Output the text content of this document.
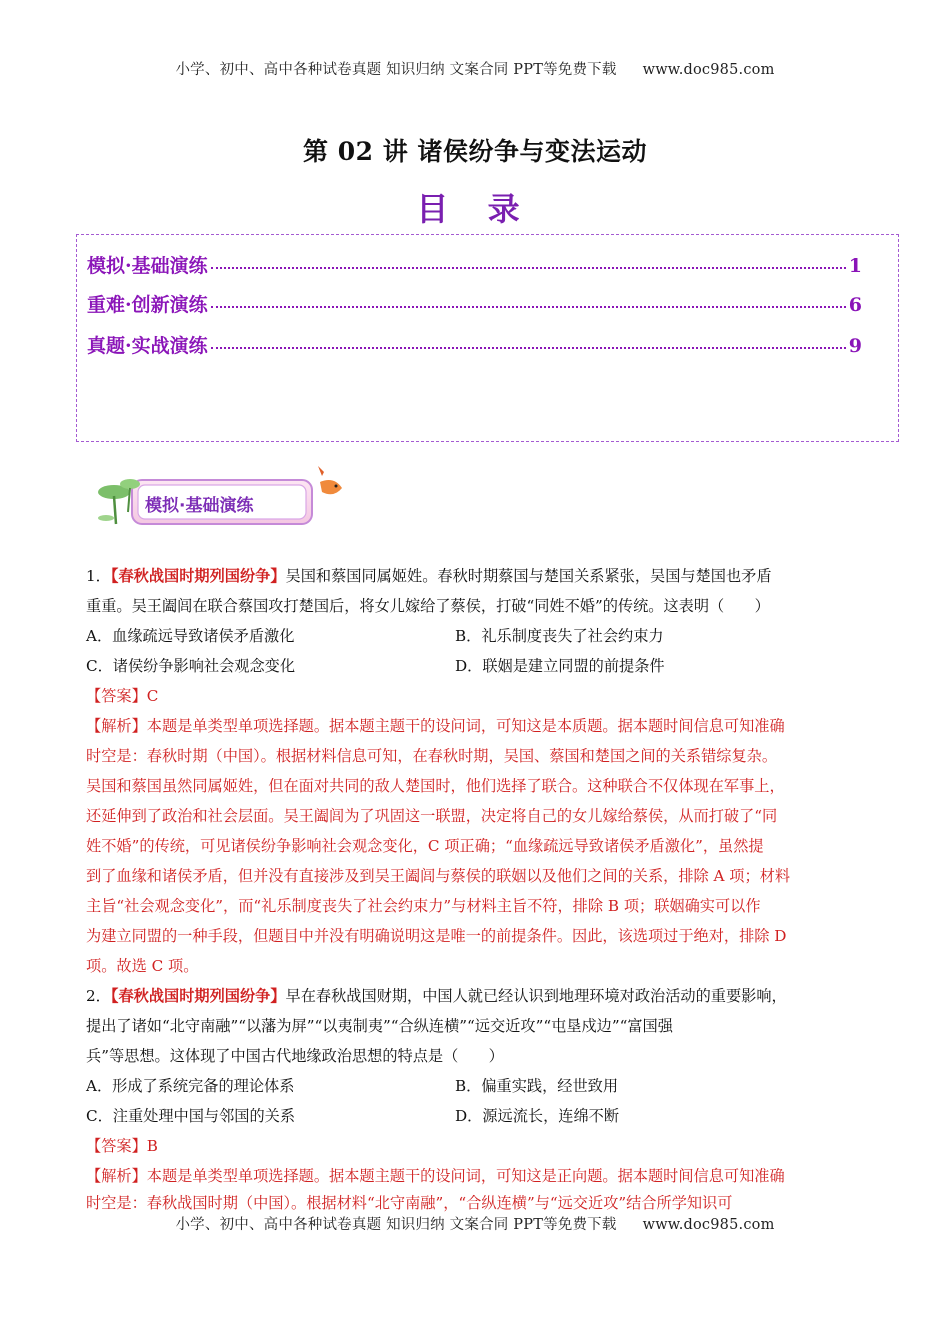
小学、初中、高中各种试卷真题 知识归纳 文案合同 PPT等免费下载 www.doc985.com
第 02 讲 诸侯纷争与变法运动
目 录
模拟·基础演练	1
重难·创新演练	6
真题·实战演练	9
模拟·基础演练
1．【春秋战国时期列国纷争】吴国和蔡国同属姬姓。春秋时期蔡国与楚国关系紧张，吴国与楚国也矛盾
重重。吴王阖闾在联合蔡国攻打楚国后，将女儿嫁给了蔡侯，打破“同姓不婚”的传统。这表明（　　）
A．血缘疏远导致诸侯矛盾激化	B．礼乐制度丧失了社会约束力
C．诸侯纷争影响社会观念变化	D．联姻是建立同盟的前提条件
【答案】C
【解析】本题是单类型单项选择题。据本题主题干的设问词，可知这是本质题。据本题时间信息可知准确
时空是：春秋时期（中国）。根据材料信息可知，在春秋时期，吴国、蔡国和楚国之间的关系错综复杂。
吴国和蔡国虽然同属姬姓，但在面对共同的敌人楚国时，他们选择了联合。这种联合不仅体现在军事上，
还延伸到了政治和社会层面。吴王阖闾为了巩固这一联盟，决定将自己的女儿嫁给蔡侯，从而打破了“同
姓不婚”的传统，可见诸侯纷争影响社会观念变化，C 项正确；“血缘疏远导致诸侯矛盾激化”，虽然提
到了血缘和诸侯矛盾，但并没有直接涉及到吴王阖闾与蔡侯的联姻以及他们之间的关系，排除 A 项；材料
主旨“社会观念变化”，而“礼乐制度丧失了社会约束力”与材料主旨不符，排除 B 项；联姻确实可以作
为建立同盟的一种手段，但题目中并没有明确说明这是唯一的前提条件。因此，该选项过于绝对，排除 D
项。故选 C 项。
2．【春秋战国时期列国纷争】早在春秋战国财期，中国人就已经认识到地理环境对政治活动的重要影响，
提出了诸如“北守南融”“以藩为屏”“以夷制夷”“合纵连横”“远交近攻”“屯垦戍边”“富国强
兵”等思想。这体现了中国古代地缘政治思想的特点是（　　）
A．形成了系统完备的理论体系	B．偏重实践，经世致用
C．注重处理中国与邻国的关系	D．源远流长，连绵不断
【答案】B
【解析】本题是单类型单项选择题。据本题主题干的设问词，可知这是正向题。据本题时间信息可知准确
时空是：春秋战国时期（中国）。根据材料“北守南融”，“合纵连横”与“远交近攻”结合所学知识可
小学、初中、高中各种试卷真题 知识归纳 文案合同 PPT等免费下载 www.doc985.com
